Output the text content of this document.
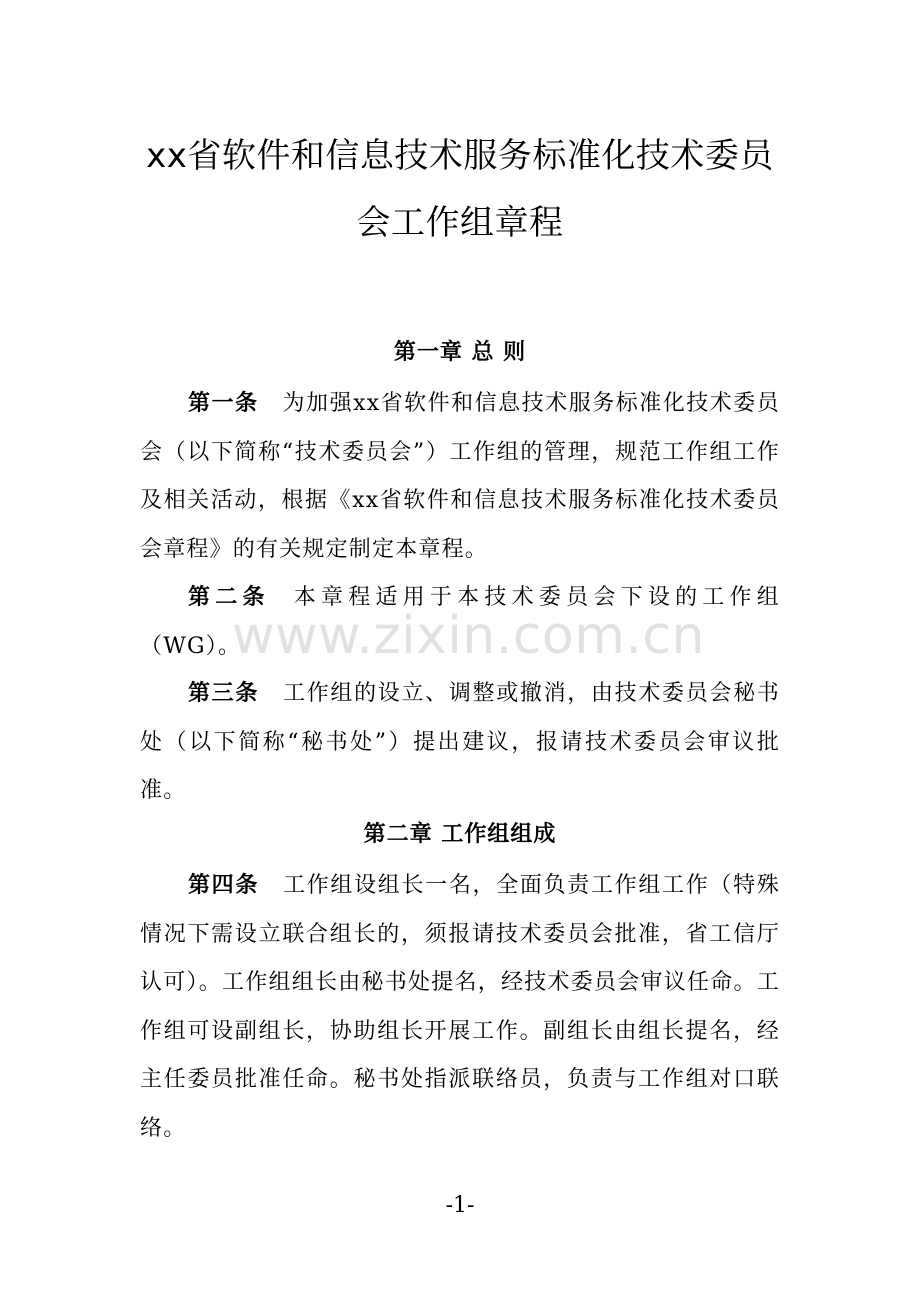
xx省软件和信息技术服务标准化技术委员
会工作组章程
第一章 总 则

第一条 为加强xx省软件和信息技术服务标准化技术委员会（以下简称“技术委员会”）工作组的管理，规范工作组工作及相关活动，根据《xx省软件和信息技术服务标准化技术委员会章程》的有关规定制定本章程。

第二条 本章程适用于本技术委员会下设的工作组（WG）。

第三条 工作组的设立、调整或撤消，由技术委员会秘书处（以下简称“秘书处”）提出建议，报请技术委员会审议批准。

第二章 工作组组成

第四条 工作组设组长一名，全面负责工作组工作（特殊情况下需设立联合组长的，须报请技术委员会批准，省工信厅认可）。工作组组长由秘书处提名，经技术委员会审议任命。工作组可设副组长，协助组长开展工作。副组长由组长提名，经主任委员批准任命。秘书处指派联络员，负责与工作组对口联络。

www.zixin.com.cn
-1-
